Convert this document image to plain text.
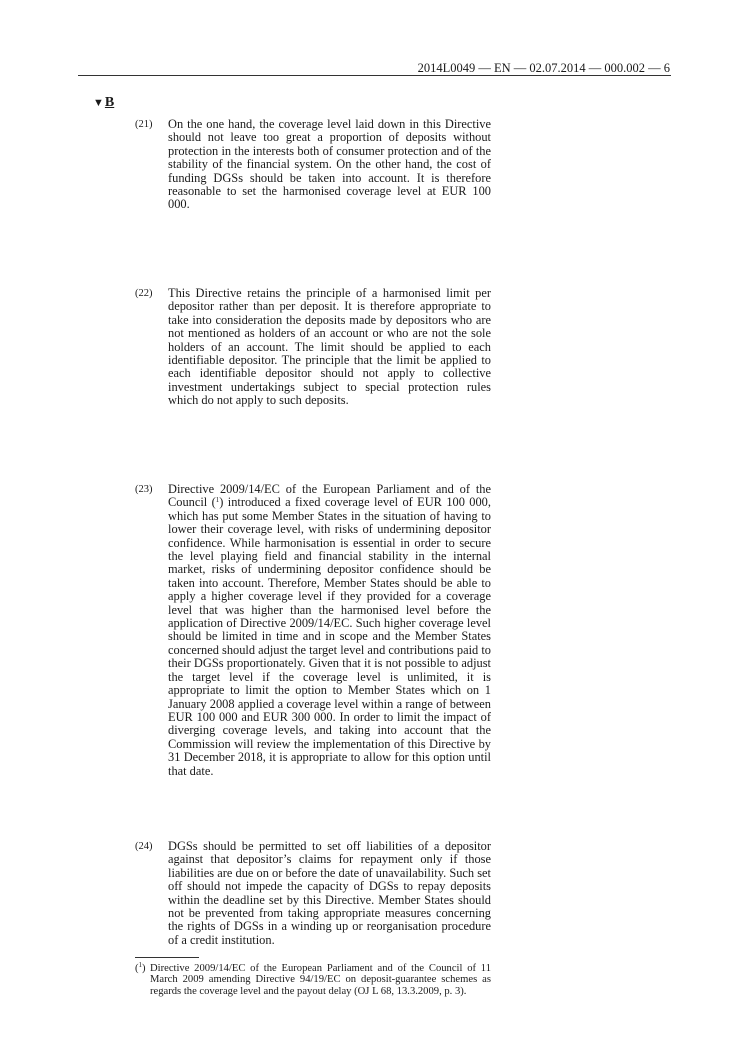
2014L0049 — EN — 02.07.2014 — 000.002 — 6
▼B
(21) On the one hand, the coverage level laid down in this Directive should not leave too great a proportion of deposits without protection in the interests both of consumer protection and of the stability of the financial system. On the other hand, the cost of funding DGSs should be taken into account. It is therefore reasonable to set the harmonised coverage level at EUR 100 000.
(22) This Directive retains the principle of a harmonised limit per depositor rather than per deposit. It is therefore appropriate to take into consideration the deposits made by depositors who are not mentioned as holders of an account or who are not the sole holders of an account. The limit should be applied to each identifiable depositor. The principle that the limit be applied to each identifiable depositor should not apply to collective investment undertakings subject to special protection rules which do not apply to such deposits.
(23) Directive 2009/14/EC of the European Parliament and of the Council ($^1$) introduced a fixed coverage level of EUR 100 000, which has put some Member States in the situation of having to lower their coverage level, with risks of undermining depositor confidence. While harmonisation is essential in order to secure the level playing field and financial stability in the internal market, risks of undermining depositor confidence should be taken into account. Therefore, Member States should be able to apply a higher coverage level if they provided for a coverage level that was higher than the harmonised level before the application of Directive 2009/14/EC. Such higher coverage level should be limited in time and in scope and the Member States concerned should adjust the target level and contributions paid to their DGSs proportionately. Given that it is not possible to adjust the target level if the coverage level is unlimited, it is appropriate to limit the option to Member States which on 1 January 2008 applied a coverage level within a range of between EUR 100 000 and EUR 300 000. In order to limit the impact of diverging coverage levels, and taking into account that the Commission will review the implementation of this Directive by 31 December 2018, it is appropriate to allow for this option until that date.
(24) DGSs should be permitted to set off liabilities of a depositor against that depositor’s claims for repayment only if those liabilities are due on or before the date of unavailability. Such set off should not impede the capacity of DGSs to repay deposits within the deadline set by this Directive. Member States should not be prevented from taking appropriate measures concerning the rights of DGSs in a winding up or reorganisation procedure of a credit institution.
($^1$) Directive 2009/14/EC of the European Parliament and of the Council of 11 March 2009 amending Directive 94/19/EC on deposit-guarantee schemes as regards the coverage level and the payout delay (OJ L 68, 13.3.2009, p. 3).
